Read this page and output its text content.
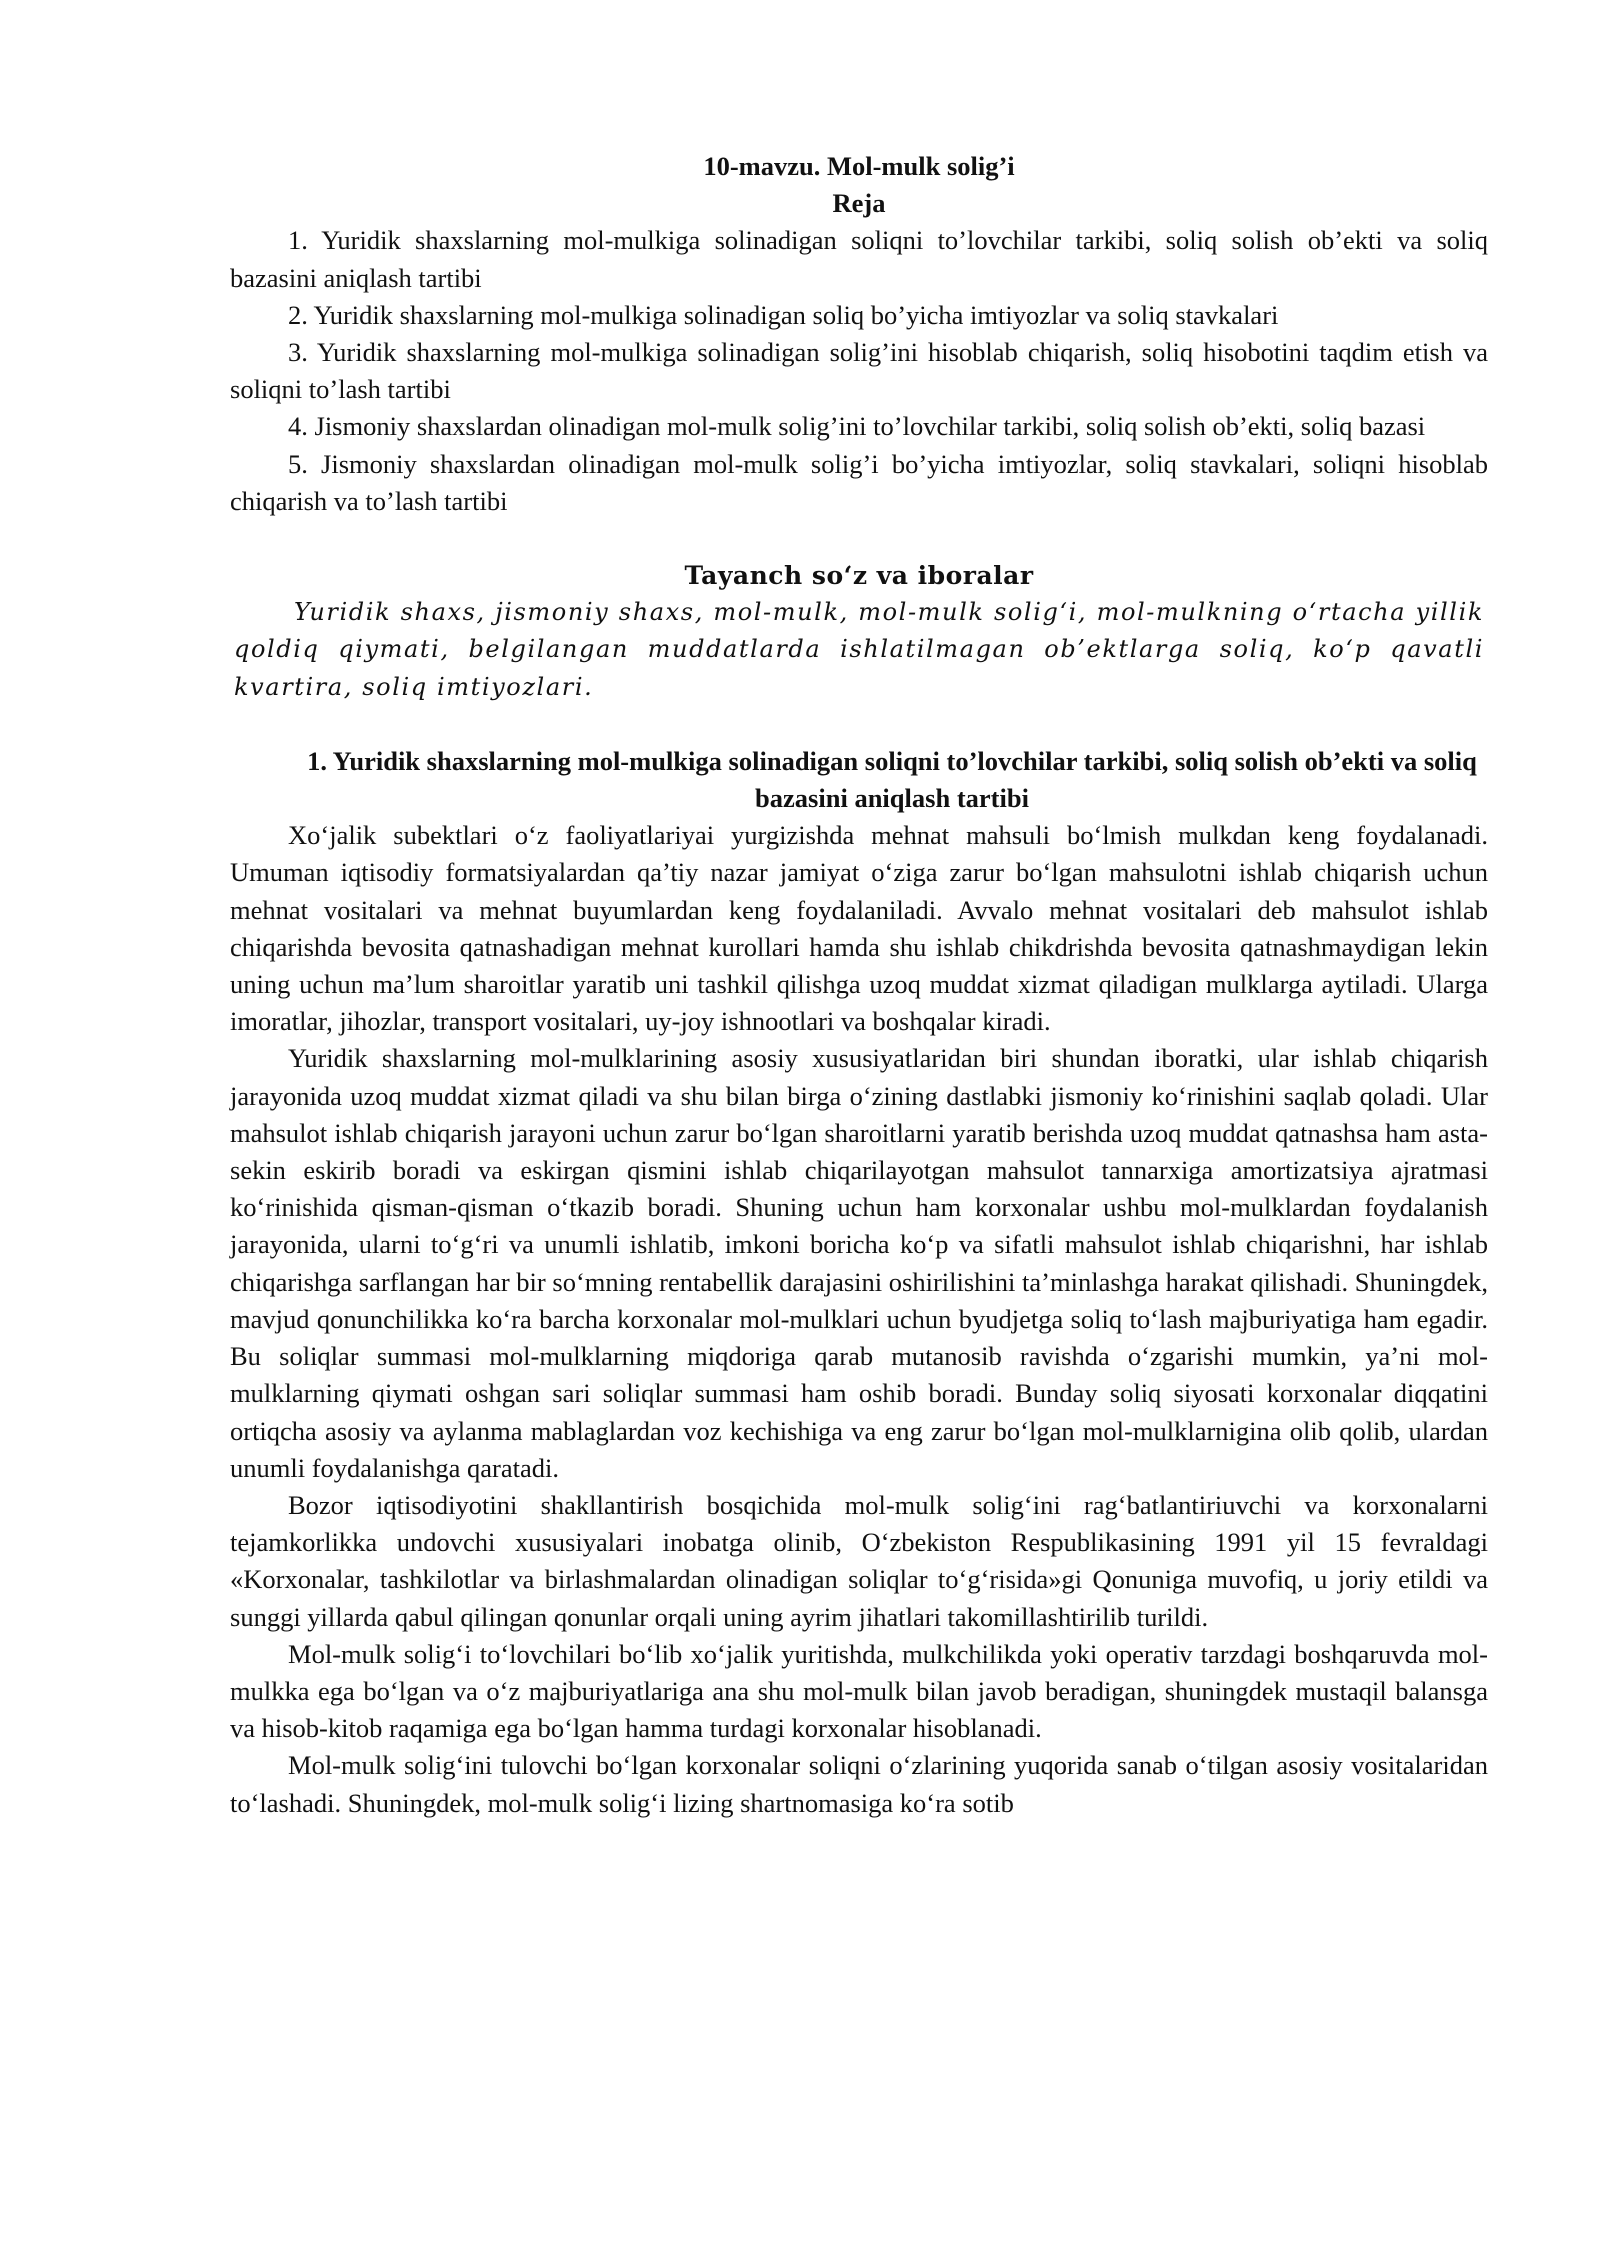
10-mavzu. Mol-mulk solig’i
Reja

1. Yuridik shaxslarning mol-mulkiga solinadigan soliqni to’lovchilar tarkibi, soliq solish ob’ekti va soliq bazasini aniqlash tartibi

2. Yuridik shaxslarning mol-mulkiga solinadigan soliq bo’yicha imtiyozlar va soliq stavkalari

3. Yuridik shaxslarning mol-mulkiga solinadigan solig’ini hisoblab chiqarish, soliq hisobotini taqdim etish va soliqni to’lash tartibi

4. Jismoniy shaxslardan olinadigan mol-mulk solig’ini to’lovchilar tarkibi, soliq solish ob’ekti, soliq bazasi

5. Jismoniy shaxslardan olinadigan mol-mulk solig’i bo’yicha imtiyozlar, soliq stavkalari, soliqni hisoblab chiqarish va to’lash tartibi

Tayanch so‘z va iboralar

Yuridik shaxs, jismoniy shaxs, mol-mulk, mol-mulk solig‘i, mol-mulkning o‘rtacha yillik qoldiq qiymati, belgilangan muddatlarda ishlatilmagan ob’ektlarga soliq, ko‘p qavatli kvartira, soliq imtiyozlari.

1. Yuridik shaxslarning mol-mulkiga solinadigan soliqni to’lovchilar tarkibi, soliq solish ob’ekti va soliq bazasini aniqlash tartibi

Xo‘jalik subektlari o‘z faoliyatlariyai yurgizishda mehnat mahsuli bo‘lmish mulkdan keng foydalanadi. Umuman iqtisodiy formatsiyalardan qa’tiy nazar jamiyat o‘ziga zarur bo‘lgan mahsulotni ishlab chiqarish uchun mehnat vositalari va mehnat buyumlardan keng foydalaniladi. Avvalo mehnat vositalari deb mahsulot ishlab chiqarishda bevosita qatnashadigan mehnat kurollari hamda shu ishlab chikdrishda bevosita qatnashmaydigan lekin uning uchun ma’lum sharoitlar yaratib uni tashkil qilishga uzoq muddat xizmat qiladigan mulklarga aytiladi. Ularga imoratlar, jihozlar, transport vositalari, uy-joy ishnootlari va boshqalar kiradi.

Yuridik shaxslarning mol-mulklarining asosiy xususiyatlaridan biri shundan iboratki, ular ishlab chiqarish jarayonida uzoq muddat xizmat qiladi va shu bilan birga o‘zining dastlabki jismoniy ko‘rinishini saqlab qoladi. Ular mahsulot ishlab chiqarish jarayoni uchun zarur bo‘lgan sharoitlarni yaratib berishda uzoq muddat qatnashsa ham asta-sekin eskirib boradi va eskirgan qismini ishlab chiqarilayotgan mahsulot tannarxiga amortizatsiya ajratmasi ko‘rinishida qisman-qisman o‘tkazib boradi. Shuning uchun ham korxonalar ushbu mol-mulklardan foydalanish jarayonida, ularni to‘g‘ri va unumli ishlatib, imkoni boricha ko‘p va sifatli mahsulot ishlab chiqarishni, har ishlab chiqarishga sarflangan har bir so‘mning rentabellik darajasini oshirilishini ta’minlashga harakat qilishadi. Shuningdek, mavjud qonunchilikka ko‘ra barcha korxonalar mol-mulklari uchun byudjetga soliq to‘lash majburiyatiga ham egadir. Bu soliqlar summasi mol-mulklarning miqdoriga qarab mutanosib ravishda o‘zgarishi mumkin, ya’ni mol-mulklarning qiymati oshgan sari soliqlar summasi ham oshib boradi. Bunday soliq siyosati korxonalar diqqatini ortiqcha asosiy va aylanma mablaglardan voz kechishiga va eng zarur bo‘lgan mol-mulklarnigina olib qolib, ulardan unumli foydalanishga qaratadi.

Bozor iqtisodiyotini shakllantirish bosqichida mol-mulk solig‘ini rag‘batlantiriuvchi va korxonalarni tejamkorlikka undovchi xususiyalari inobatga olinib, O‘zbekiston Respublikasining 1991 yil 15 fevraldagi «Korxonalar, tashkilotlar va birlashmalardan olinadigan soliqlar to‘g‘risida»gi Qonuniga muvofiq, u joriy etildi va sunggi yillarda qabul qilingan qonunlar orqali uning ayrim jihatlari takomillashtirilib turildi.

Mol-mulk solig‘i to‘lovchilari bo‘lib xo‘jalik yuritishda, mulkchilikda yoki operativ tarzdagi boshqaruvda mol-mulkka ega bo‘lgan va o‘z majburiyatlariga ana shu mol-mulk bilan javob beradigan, shuningdek mustaqil balansga va hisob-kitob raqamiga ega bo‘lgan hamma turdagi korxonalar hisoblanadi.

Mol-mulk solig‘ini tulovchi bo‘lgan korxonalar soliqni o‘zlarining yuqorida sanab o‘tilgan asosiy vositalaridan to‘lashadi. Shuningdek, mol-mulk solig‘i lizing shartnomasiga ko‘ra sotib
